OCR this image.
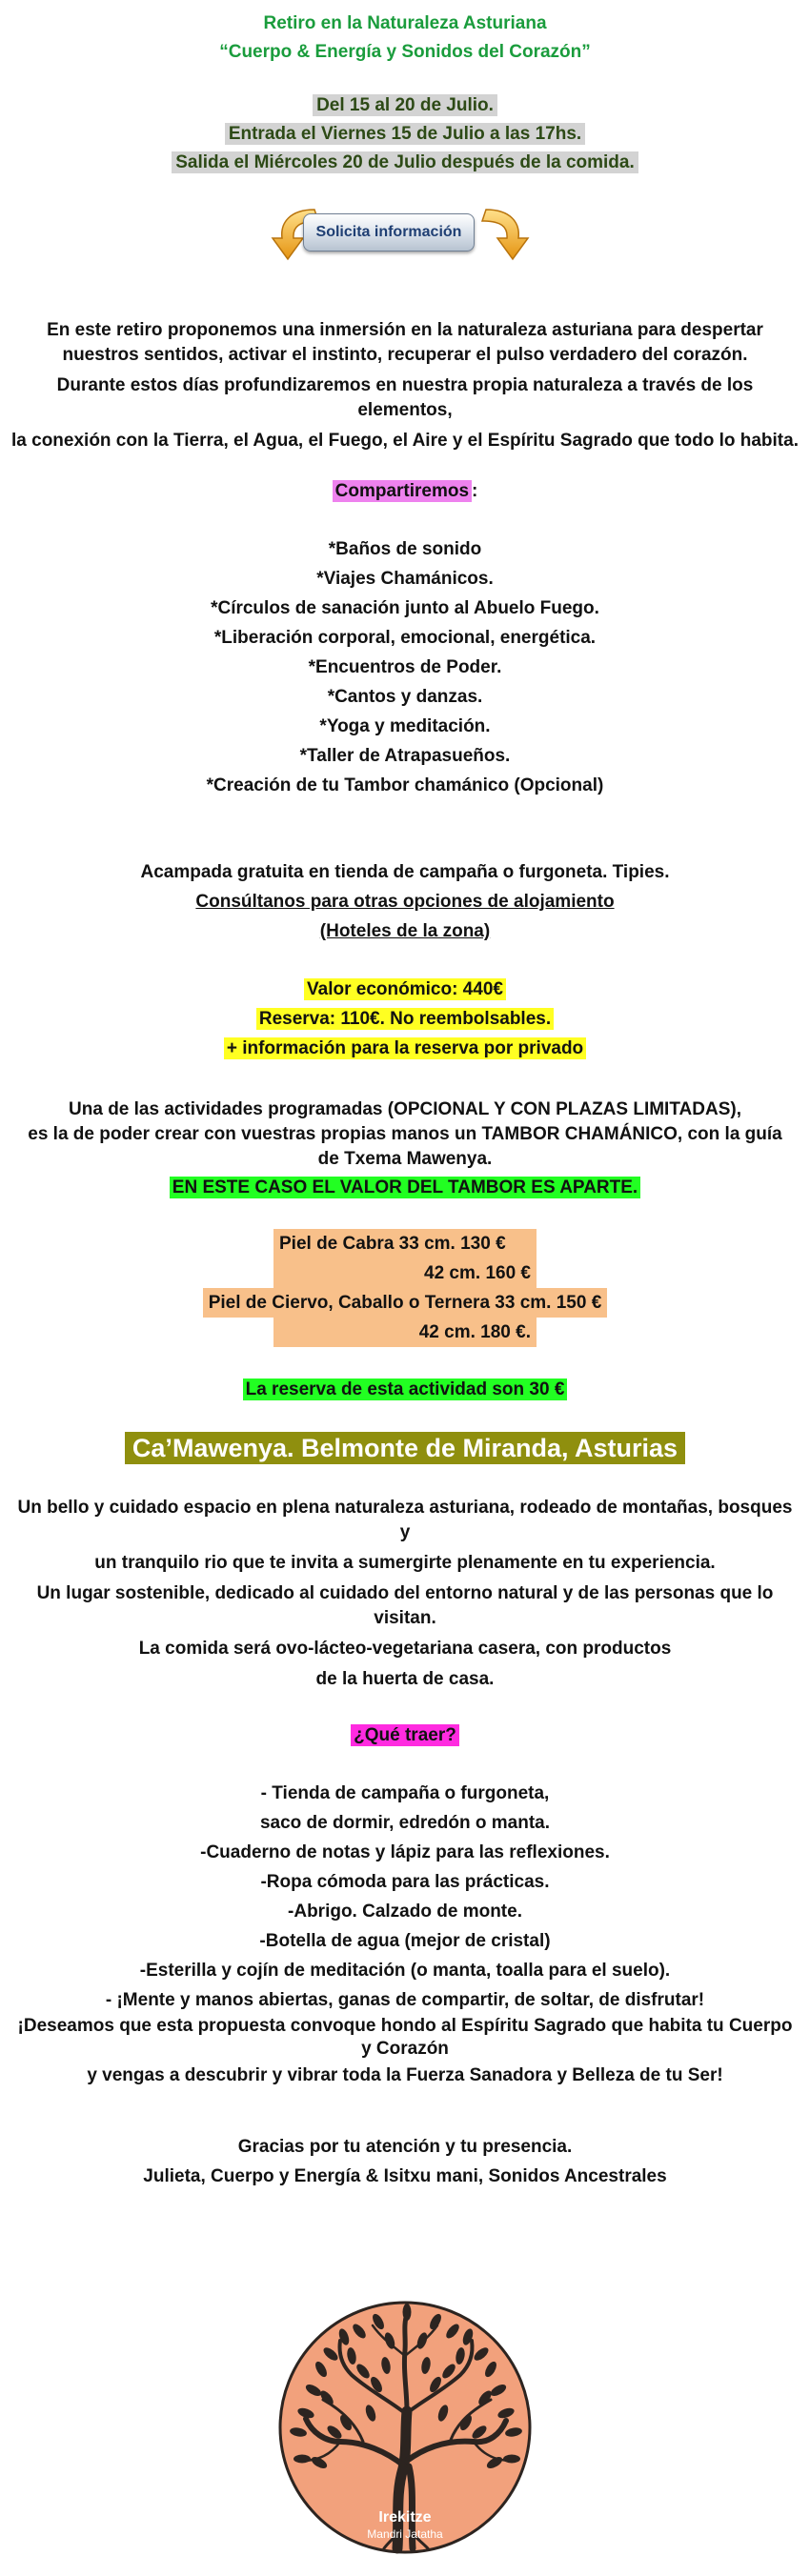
Retiro en la Naturaleza Asturiana

“Cuerpo & Energía y Sonidos del Corazón”

Del 15 al 20 de Julio.

Entrada el Viernes 15 de Julio a las 17hs.

Salida el Miércoles 20 de Julio después de la comida.

Solicita información

En este retiro proponemos una inmersión en la naturaleza asturiana para despertar nuestros sentidos, activar el instinto, recuperar el pulso verdadero del corazón.

Durante estos días profundizaremos en nuestra propia naturaleza a través de los elementos,

la conexión con la Tierra, el Agua, el Fuego, el Aire y el Espíritu Sagrado que todo lo habita.

Compartiremos :

*Baños de sonido

*Viajes Chamánicos.

*Círculos de sanación junto al Abuelo Fuego.

*Liberación corporal, emocional, energética.

*Encuentros de Poder.

*Cantos y danzas.

*Yoga y meditación.

*Taller de Atrapasueños.

*Creación de tu Tambor chamánico (Opcional)

Acampada gratuita en tienda de campaña o furgoneta. Tipies.

Consúltanos para otras opciones de alojamiento

(Hoteles de la zona)

Valor económico: 440€

Reserva: 110€. No reembolsables.

+ información para la reserva por privado

Una de las actividades programadas (OPCIONAL Y CON PLAZAS LIMITADAS),

es la de poder crear con vuestras propias manos un TAMBOR CHAMÁNICO, con la guía de Txema Mawenya.

EN ESTE CASO EL VALOR DEL TAMBOR ES APARTE.

Piel de Cabra 33 cm. 130 €

42 cm. 160 €

Piel de Ciervo, Caballo o Ternera 33 cm. 150 €

42 cm. 180 €.

La reserva de esta actividad son 30 €

Ca’Mawenya. Belmonte de Miranda, Asturias

Un bello y cuidado espacio en plena naturaleza asturiana, rodeado de montañas, bosques y

un tranquilo rio que te invita a sumergirte plenamente en tu experiencia.

Un lugar sostenible, dedicado al cuidado del entorno natural y de las personas que lo visitan.

La comida será ovo-lácteo-vegetariana casera, con productos

de la huerta de casa.

¿Qué traer?

- Tienda de campaña o furgoneta,

saco de dormir, edredón o manta.

-Cuaderno de notas y lápiz para las reflexiones.

-Ropa cómoda para las prácticas.

-Abrigo. Calzado de monte.

-Botella de agua (mejor de cristal)

-Esterilla y cojín de meditación (o manta, toalla para el suelo).

- ¡Mente y manos abiertas, ganas de compartir, de soltar, de disfrutar!

¡Deseamos que esta propuesta convoque hondo al Espíritu Sagrado que habita tu Cuerpo y Corazón

y vengas a descubrir y vibrar toda la Fuerza Sanadora y Belleza de tu Ser!

Gracias por tu atención y tu presencia.

Julieta, Cuerpo y Energía & Isitxu mani, Sonidos Ancestrales

Irekitze
Mandri Jatatha
